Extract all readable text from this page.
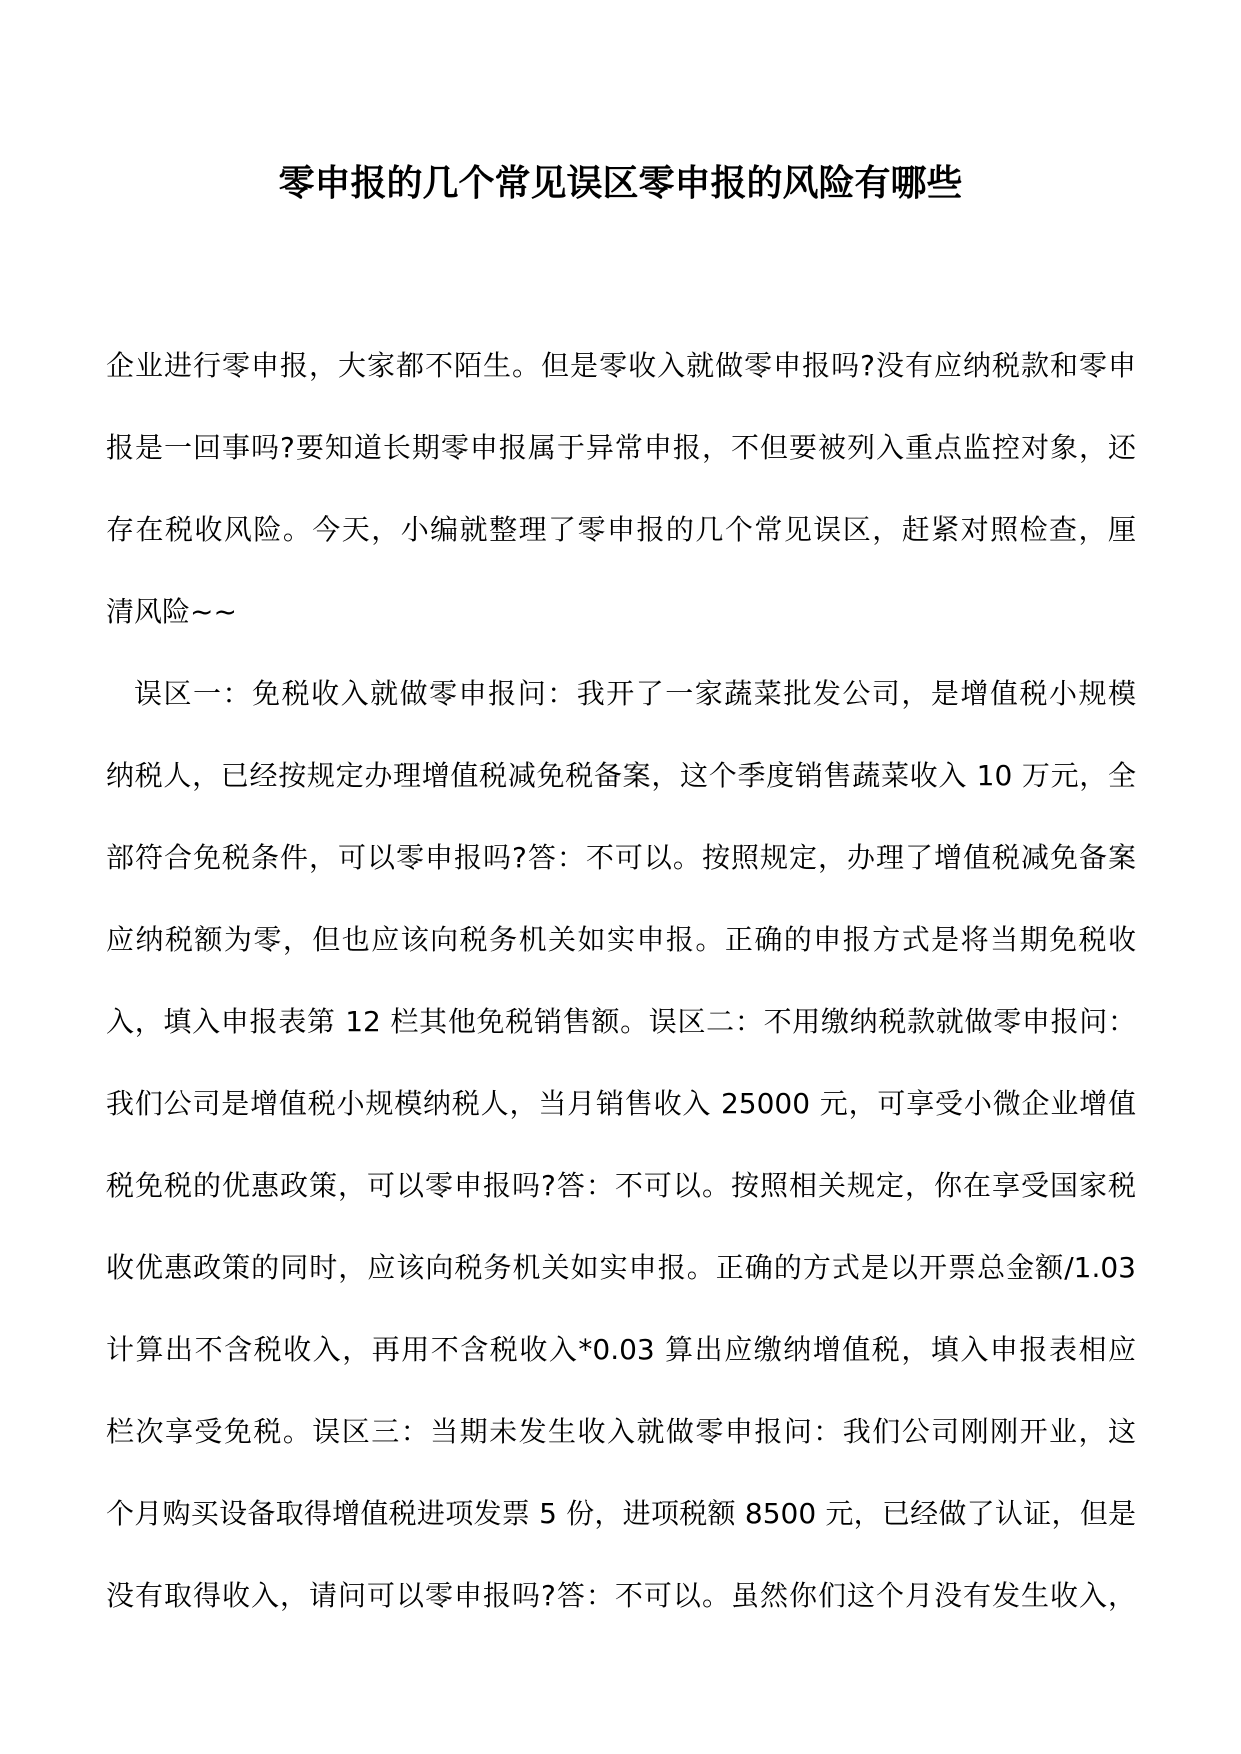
零申报的几个常见误区零申报的风险有哪些
企业进行零申报，大家都不陌生。但是零收入就做零申报吗?没有应纳税款和零申
报是一回事吗?要知道长期零申报属于异常申报，不但要被列入重点监控对象，还
存在税收风险。今天，小编就整理了零申报的几个常见误区，赶紧对照检查，厘
清风险~~
误区一：免税收入就做零申报问：我开了一家蔬菜批发公司，是增值税小规模
纳税人，已经按规定办理增值税减免税备案，这个季度销售蔬菜收入 10 万元，全
部符合免税条件，可以零申报吗?答：不可以。按照规定，办理了增值税减免备案
应纳税额为零，但也应该向税务机关如实申报。正确的申报方式是将当期免税收
入，填入申报表第 12 栏其他免税销售额。误区二：不用缴纳税款就做零申报问：
我们公司是增值税小规模纳税人，当月销售收入 25000 元，可享受小微企业增值
税免税的优惠政策，可以零申报吗?答：不可以。按照相关规定，你在享受国家税
收优惠政策的同时，应该向税务机关如实申报。正确的方式是以开票总金额/1.03
计算出不含税收入，再用不含税收入*0.03 算出应缴纳增值税，填入申报表相应
栏次享受免税。误区三：当期未发生收入就做零申报问：我们公司刚刚开业，这
个月购买设备取得增值税进项发票 5 份，进项税额 8500 元，已经做了认证，但是
没有取得收入，请问可以零申报吗?答：不可以。虽然你们这个月没有发生收入，
